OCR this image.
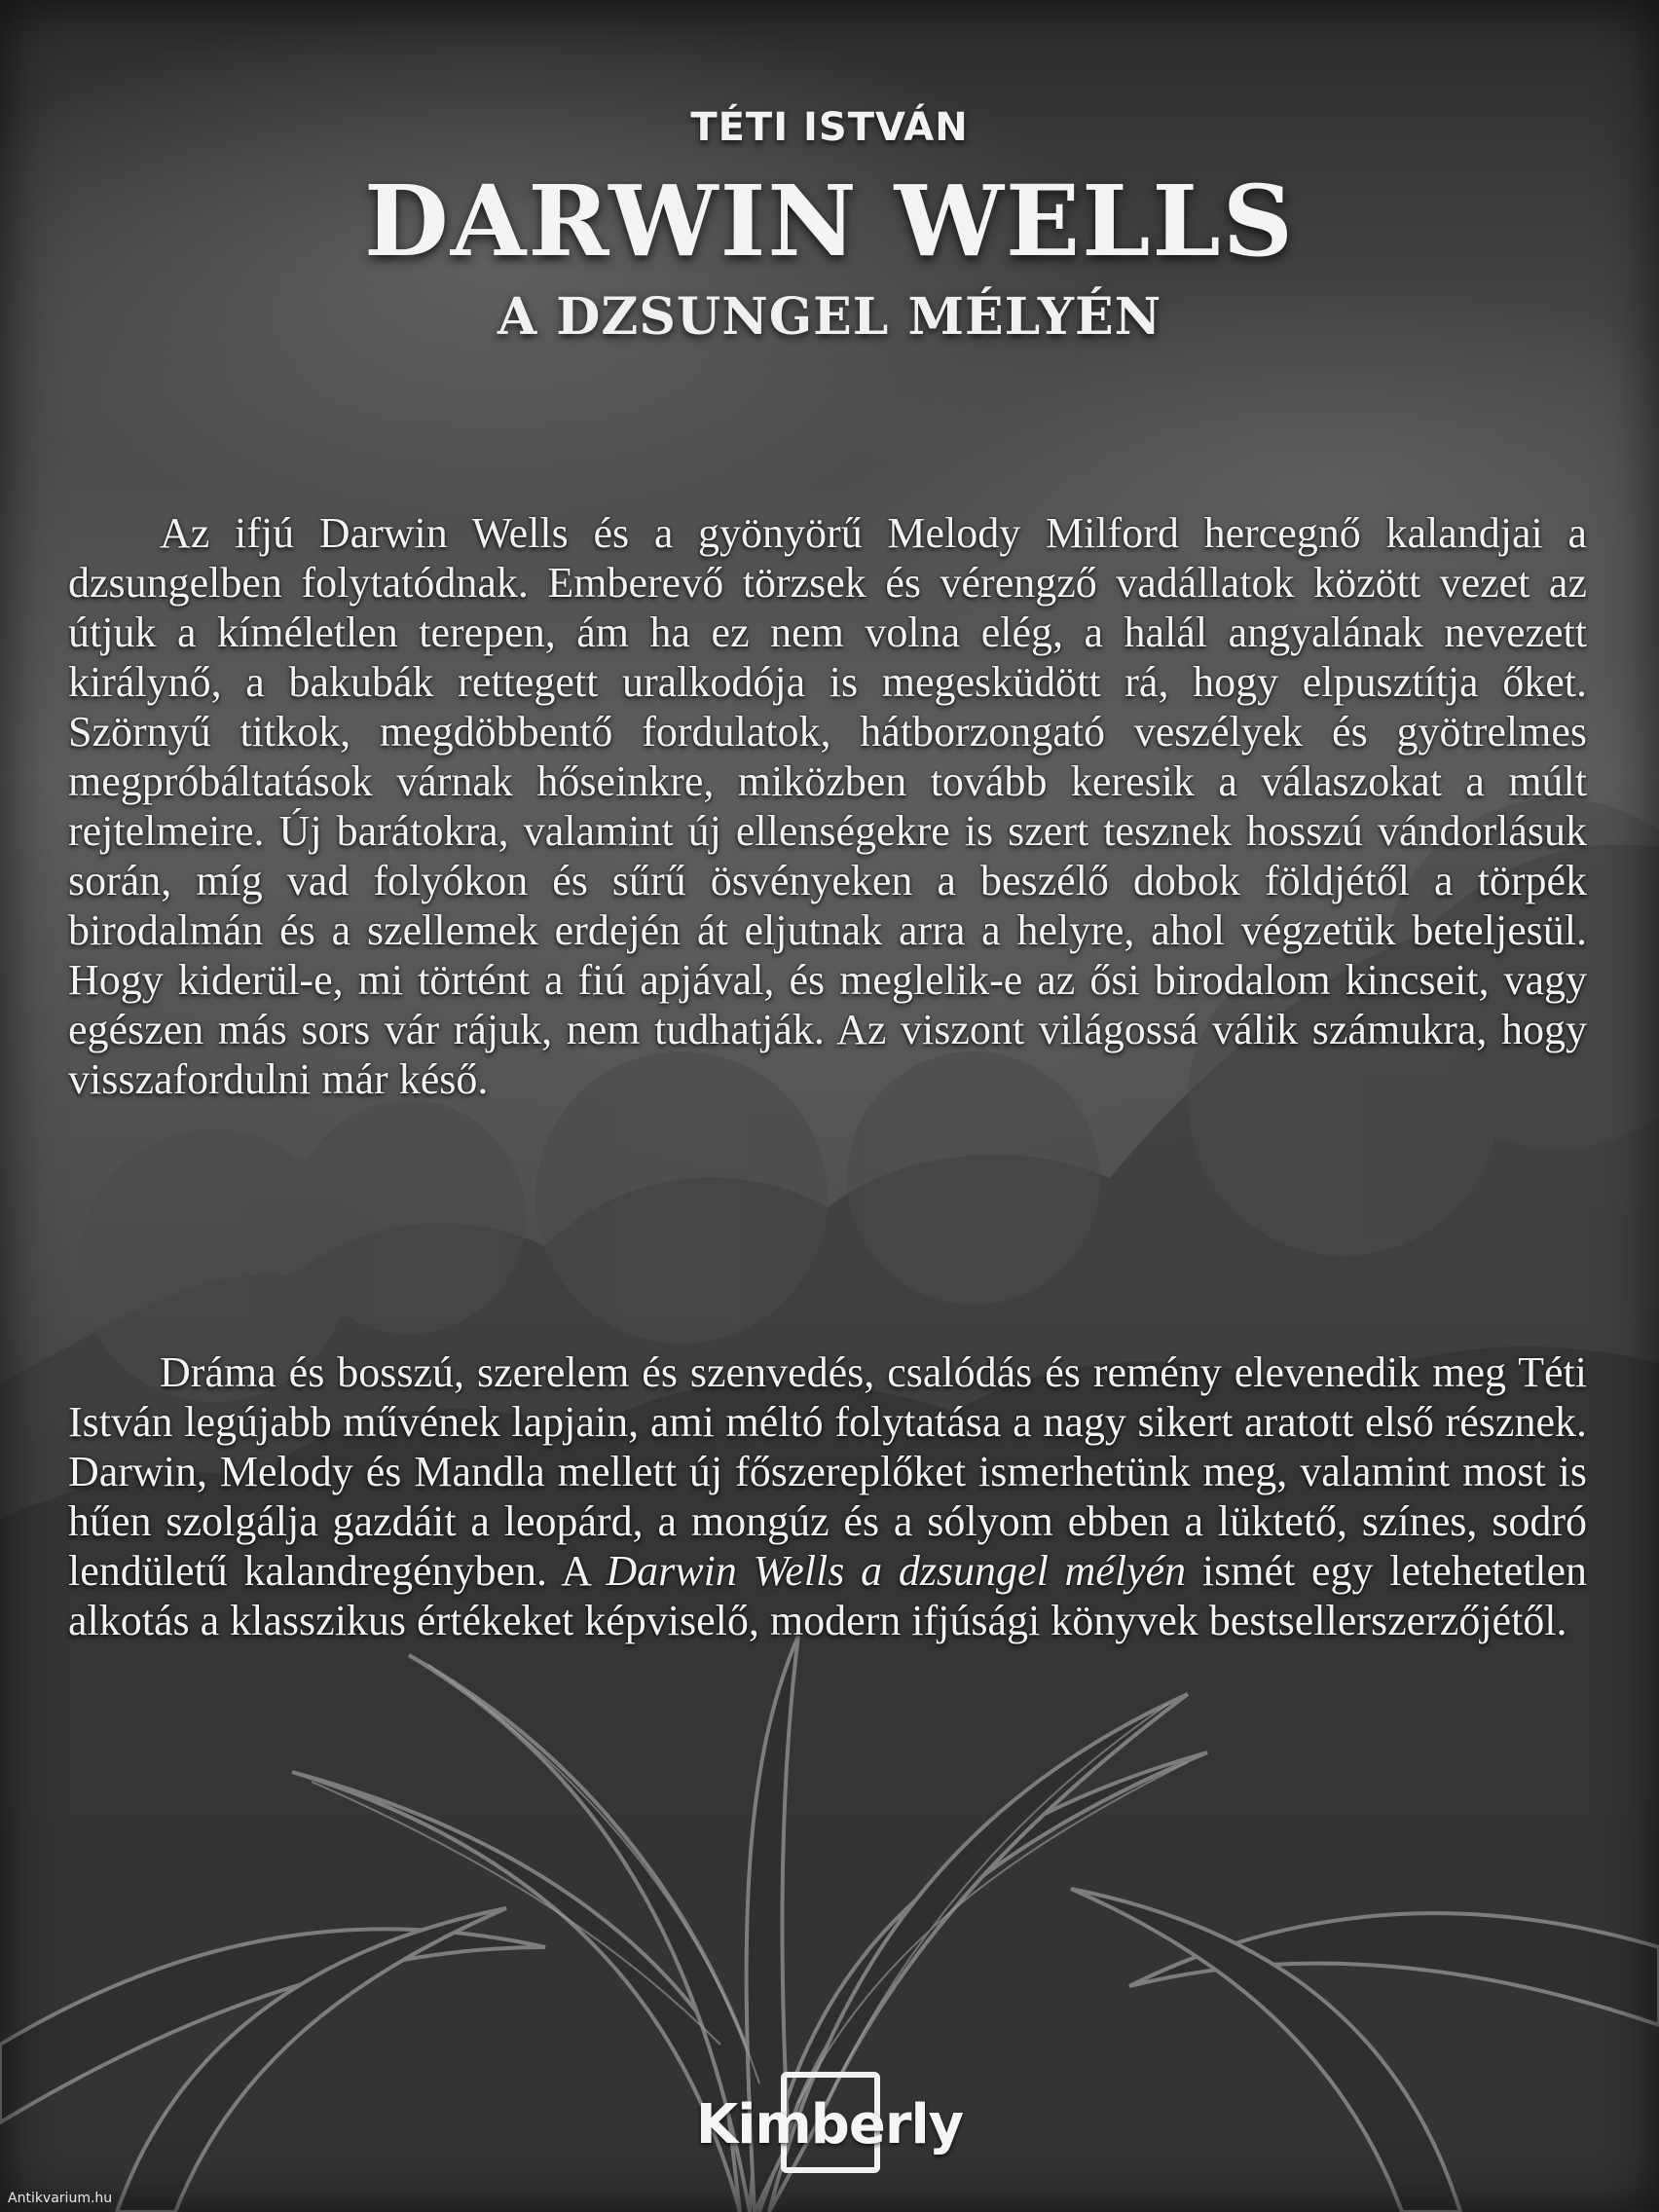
TÉTI ISTVÁN
DARWIN WELLS
A DZSUNGEL MÉLYÉN

Az ifjú Darwin Wells és a gyönyörű Melody Milford hercegnő kalandjai a dzsungelben folytatódnak. Emberevő törzsek és vérengző vadállatok között vezet az útjuk a kíméletlen terepen, ám ha ez nem volna elég, a halál angyalának nevezett királynő, a bakubák rettegett uralkodója is megesküdött rá, hogy elpusztítja őket. Szörnyű titkok, megdöbbentő fordulatok, hátborzongató veszélyek és gyötrelmes megpróbáltatások várnak hőseinkre, miközben tovább keresik a válaszokat a múlt rejtelmeire. Új barátokra, valamint új ellenségekre is szert tesznek hosszú vándorlásuk során, míg vad folyókon és sűrű ösvényeken a beszélő dobok földjétől a törpék birodalmán és a szellemek erdején át eljutnak arra a helyre, ahol végzetük beteljesül. Hogy kiderül-e, mi történt a fiú apjával, és meglelik-e az ősi birodalom kincseit, vagy egészen más sors vár rájuk, nem tudhatják. Az viszont világossá válik számukra, hogy visszafordulni már késő.

Dráma és bosszú, szerelem és szenvedés, csalódás és remény elevenedik meg Téti István legújabb művének lapjain, ami méltó folytatása a nagy sikert aratott első résznek. Darwin, Melody és Mandla mellett új főszereplőket ismerhetünk meg, valamint most is hűen szolgálja gazdáit a leopárd, a mongúz és a sólyom ebben a lüktető, színes, sodró lendületű kalandregényben. A Darwin Wells a dzsungel mélyén ismét egy letehetetlen alkotás a klasszikus értékeket képviselő, modern ifjúsági könyvek bestsellerszerzőjétől.

Kimberly
Antikvarium.hu
